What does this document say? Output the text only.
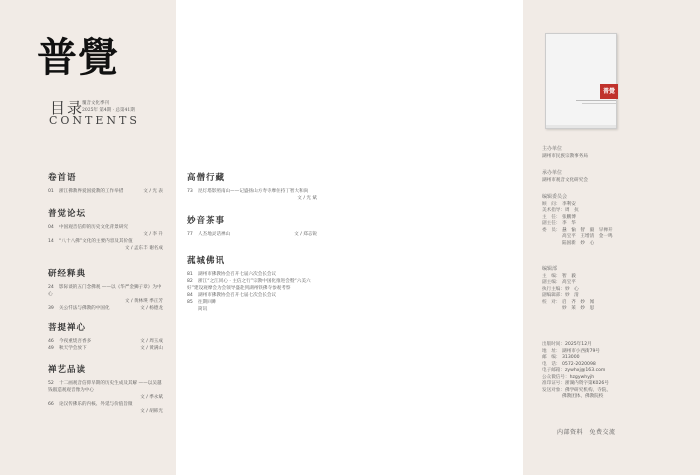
普覺
目录
覆音文化季刊
2025年 第4期 · 总第41期
CONTENTS
卷首语
01 浙江佛教界爱国爱教的工作举措	文 / 光 表
普觉论坛
04 中国观音信仰的历史文化背景研究
文 / 李 升
14 “八十八佛”文化的主要内容及其价值
文 / 孟东丰 谢名成
研经释典
24 影际谈的五门念佛观 ——以《华严金狮子章》为中心
文 / 黄林瑛 季正芳
39 关公忏法与佛教的中国化	文 / 杨德龙
菩提禅心
46 今夜重烧吾香多	文 / 周玉成
49 秋天学会放下	文 / 黄满山
禅艺品读
52 十二画观音信仰早期的历史生成及其解 ——以吴越钱俶造观观音像为中心
文 / 季永斌
66 论汉传佛乐的内核、外延与价值旨微
文 / 胡韩光
高僧行藏
73 昆灯塔影照南山——记盛扬山方寿寺摩住持丁智大和尚
文 / 光 斌
妙音茶事
77 人杰地灵话禅山	文 / 郑志锐
菰城佛讯
81 湖州市佛教协会召开七届六次会长会议
82 浙江“之江同心 · 主信之行”宗教中国化推进会暨“六美六好”建设观摩会为会领导盛赴到湖州铁佛寺参观考察
84 湖州市佛教协会召开七届七次会长会议
85 往期回眸
简讯
普覺
主办单位
湖州市民族宗教事务局
承办单位
湖州市观音文化研究会
编辑委员会
顾　问： 李利安
美术指导：周　抗
主　任： 张鹏博
副主任： 李　华
委　员： 悬　愉　智　毅　早禅开
高宝平　王增清　金一鸣
陆国新　妙　心
编辑部
主　编： 智　毅
副主编： 高宝平
执行主编：妙　心
副编辑部：妙　清
校　对： 启　齐　妙　闻
妙　莱　妙　思
出版时间：2025年12月
地　址： 湖州市小西街79号
邮　编： 313000
电　话： 0572-2020098
电子邮箱：zywhxj@163.com
公众微信号：hzgywhyjh
准印证号：浙湖内资字第K026号
发送对象：佛学研究机构、寺院、
佛教团体、佛教院校
内部资料　免费交流
